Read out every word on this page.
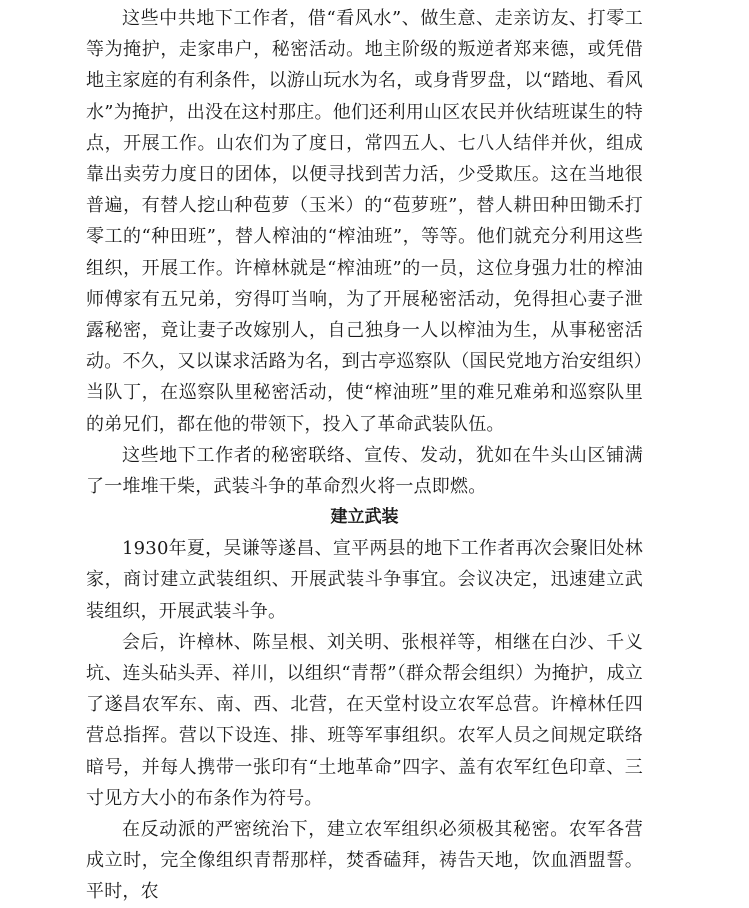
这些中共地下工作者，借“看风水”、做生意、走亲访友、打零工等为掩护，走家串户，秘密活动。地主阶级的叛逆者郑来德，或凭借地主家庭的有利条件，以游山玩水为名，或身背罗盘，以“踏地、看风水”为掩护，出没在这村那庄。他们还利用山区农民并伙结班谋生的特点，开展工作。山农们为了度日，常四五人、七八人结伴并伙，组成靠出卖劳力度日的团体，以便寻找到苦力活，少受欺压。这在当地很普遍，有替人挖山种苞萝（玉米）的“苞萝班”，替人耕田种田锄禾打零工的“种田班”，替人榨油的“榨油班”，等等。他们就充分利用这些组织，开展工作。许樟林就是“榨油班”的一员，这位身强力壮的榨油师傅家有五兄弟，穷得叮当响，为了开展秘密活动，免得担心妻子泄露秘密，竟让妻子改嫁别人，自己独身一人以榨油为生，从事秘密活动。不久，又以谋求活路为名，到古亭巡察队（国民党地方治安组织）当队丁，在巡察队里秘密活动，使“榨油班”里的难兄难弟和巡察队里的弟兄们，都在他的带领下，投入了革命武装队伍。

这些地下工作者的秘密联络、宣传、发动，犹如在牛头山区铺满了一堆堆干柴，武装斗争的革命烈火将一点即燃。

建立武装

1930年夏，吴谦等遂昌、宣平两县的地下工作者再次会聚旧处林家，商讨建立武装组织、开展武装斗争事宜。会议决定，迅速建立武装组织，开展武装斗争。

会后，许樟林、陈呈根、刘关明、张根祥等，相继在白沙、千义坑、连头砧头弄、祥川，以组织“青帮”（群众帮会组织）为掩护，成立了遂昌农军东、南、西、北营，在天堂村设立农军总营。许樟林任四营总指挥。营以下设连、排、班等军事组织。农军人员之间规定联络暗号，并每人携带一张印有“土地革命”四字、盖有农军红色印章、三寸见方大小的布条作为符号。

在反动派的严密统治下，建立农军组织必须极其秘密。农军各营成立时，完全像组织青帮那样，焚香磕拜，祷告天地，饮血酒盟誓。平时，农
